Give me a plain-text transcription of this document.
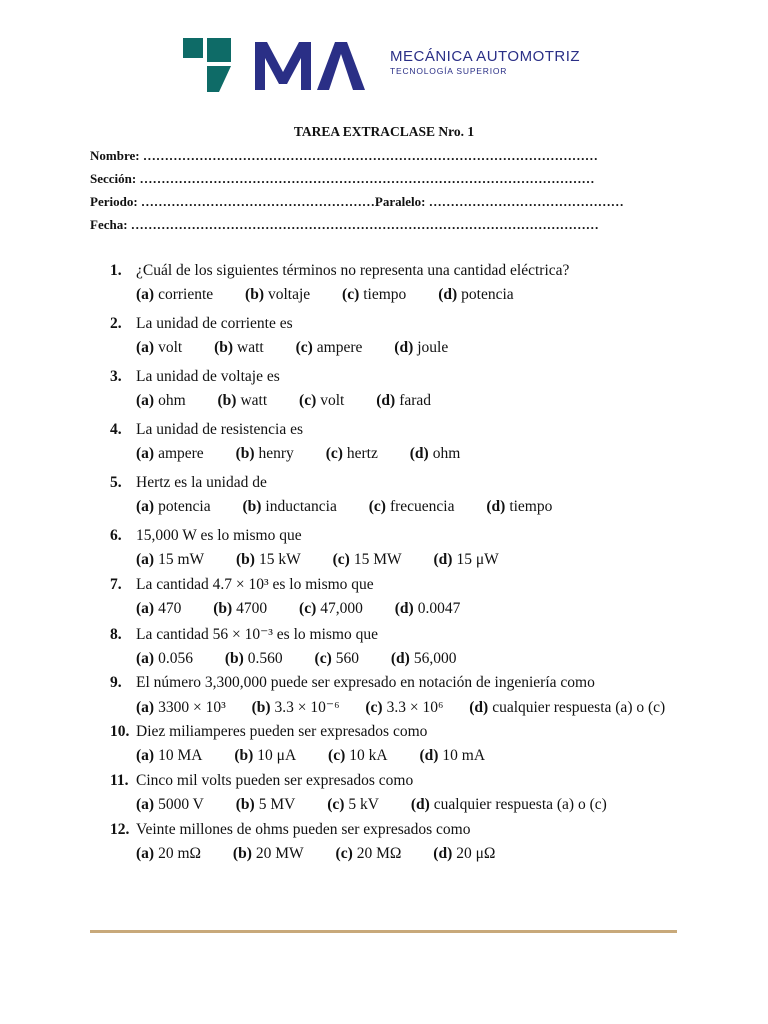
MECÁNICA AUTOMOTRIZ
TECNOLOGÍA SUPERIOR
TAREA EXTRACLASE Nro. 1
Nombre: ……………………………………………………………………………………………
Sección: ……………………………………………………………………………………………
Periodo: ………………………………………………Paralelo: ………………………………………
Fecha: ………………………………………………………………………………………………
1. ¿Cuál de los siguientes términos no representa una cantidad eléctrica?
(a) corriente (b) voltaje (c) tiempo (d) potencia
2. La unidad de corriente es
(a) volt (b) watt (c) ampere (d) joule
3. La unidad de voltaje es
(a) ohm (b) watt (c) volt (d) farad
4. La unidad de resistencia es
(a) ampere (b) henry (c) hertz (d) ohm
5. Hertz es la unidad de
(a) potencia (b) inductancia (c) frecuencia (d) tiempo
6. 15,000 W es lo mismo que
(a) 15 mW (b) 15 kW (c) 15 MW (d) 15 μW
7. La cantidad 4.7 × 10³ es lo mismo que
(a) 470 (b) 4700 (c) 47,000 (d) 0.0047
8. La cantidad 56 × 10⁻³ es lo mismo que
(a) 0.056 (b) 0.560 (c) 560 (d) 56,000
9. El número 3,300,000 puede ser expresado en notación de ingeniería como
(a) 3300 × 10³ (b) 3.3 × 10⁻⁶ (c) 3.3 × 10⁶ (d) cualquier respuesta (a) o (c)
10. Diez miliamperes pueden ser expresados como
(a) 10 MA (b) 10 μA (c) 10 kA (d) 10 mA
11. Cinco mil volts pueden ser expresados como
(a) 5000 V (b) 5 MV (c) 5 kV (d) cualquier respuesta (a) o (c)
12. Veinte millones de ohms pueden ser expresados como
(a) 20 mΩ (b) 20 MW (c) 20 MΩ (d) 20 μΩ
